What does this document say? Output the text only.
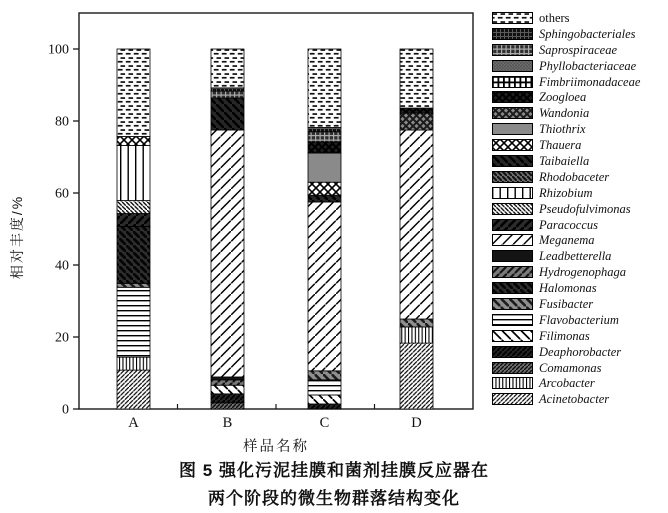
0
20
40
60
80
100
A	B	C	D
相对丰度/%
样品名称
others
Sphingobacteriales
Saprospiraceae
Phyllobacteriaceae
Fimbriimonadaceae
Zoogloea
Wandonia
Thiothrix
Thauera
Taibaiella
Rhodobaceter
Rhizobium
Pseudofulvimonas
Paracoccus
Meganema
Leadbetterella
Hydrogenophaga
Halomonas
Fusibacter
Flavobacterium
Filimonas
Deaphorobacter
Comamonas
Arcobacter
Acinetobacter
图 5 强化污泥挂膜和菌剂挂膜反应器在
两个阶段的微生物群落结构变化
